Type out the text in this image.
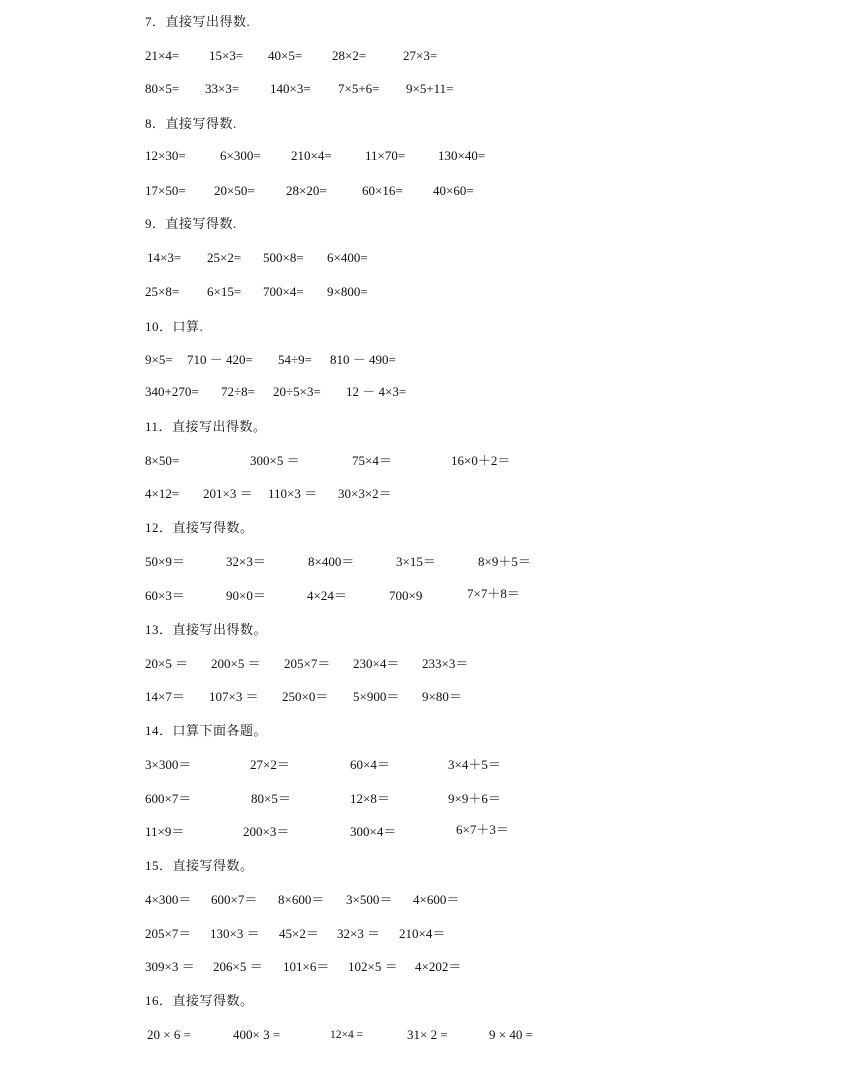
7．直接写出得数.
21×4= 15×3= 40×5= 28×2=	27×3=
80×5= 33×3= 140×3= 7×5+6= 9×5+11=
8．直接写得数.
12×30=	6×300= 210×4=	11×70=	130×40=
17×50= 20×50= 28×20=	60×16= 40×60=
9．直接写得数.
14×3= 25×2= 500×8= 6×400=
25×8= 6×15= 700×4= 9×800=
10．口算.
9×5= 710 － 420= 54÷9= 810 － 490=
340+270= 72÷8= 20÷5×3= 12 － 4×3=
11．直接写出得数。
8×50=	300×5 ＝	75×4＝	16×0＋2＝
4×12= 201×3 ＝ 110×3 ＝ 30×3×2＝
12．直接写得数。
50×9＝	32×3＝	8×400＝	3×15＝	8×9＋5＝
60×3＝	90×0＝	4×24＝	700×9	7×7＋8＝
13．直接写出得数。
20×5 ＝ 200×5 ＝ 205×7＝ 230×4＝ 233×3＝
14×7＝ 107×3 ＝ 250×0＝ 5×900＝ 9×80＝
14．口算下面各题。
3×300＝	27×2＝	60×4＝	3×4＋5＝
600×7＝	80×5＝	12×8＝	9×9＋6＝
11×9＝	200×3＝	300×4＝	6×7＋3＝
15．直接写得数。
4×300＝ 600×7＝ 8×600＝ 3×500＝ 4×600＝
205×7＝ 130×3 ＝ 45×2＝ 32×3 ＝ 210×4＝
309×3 ＝ 206×5 ＝ 101×6＝ 102×5 ＝ 4×202＝
16．直接写得数。
20 × 6 =	400× 3 =	12×4 =	31× 2 =	9 × 40 =
